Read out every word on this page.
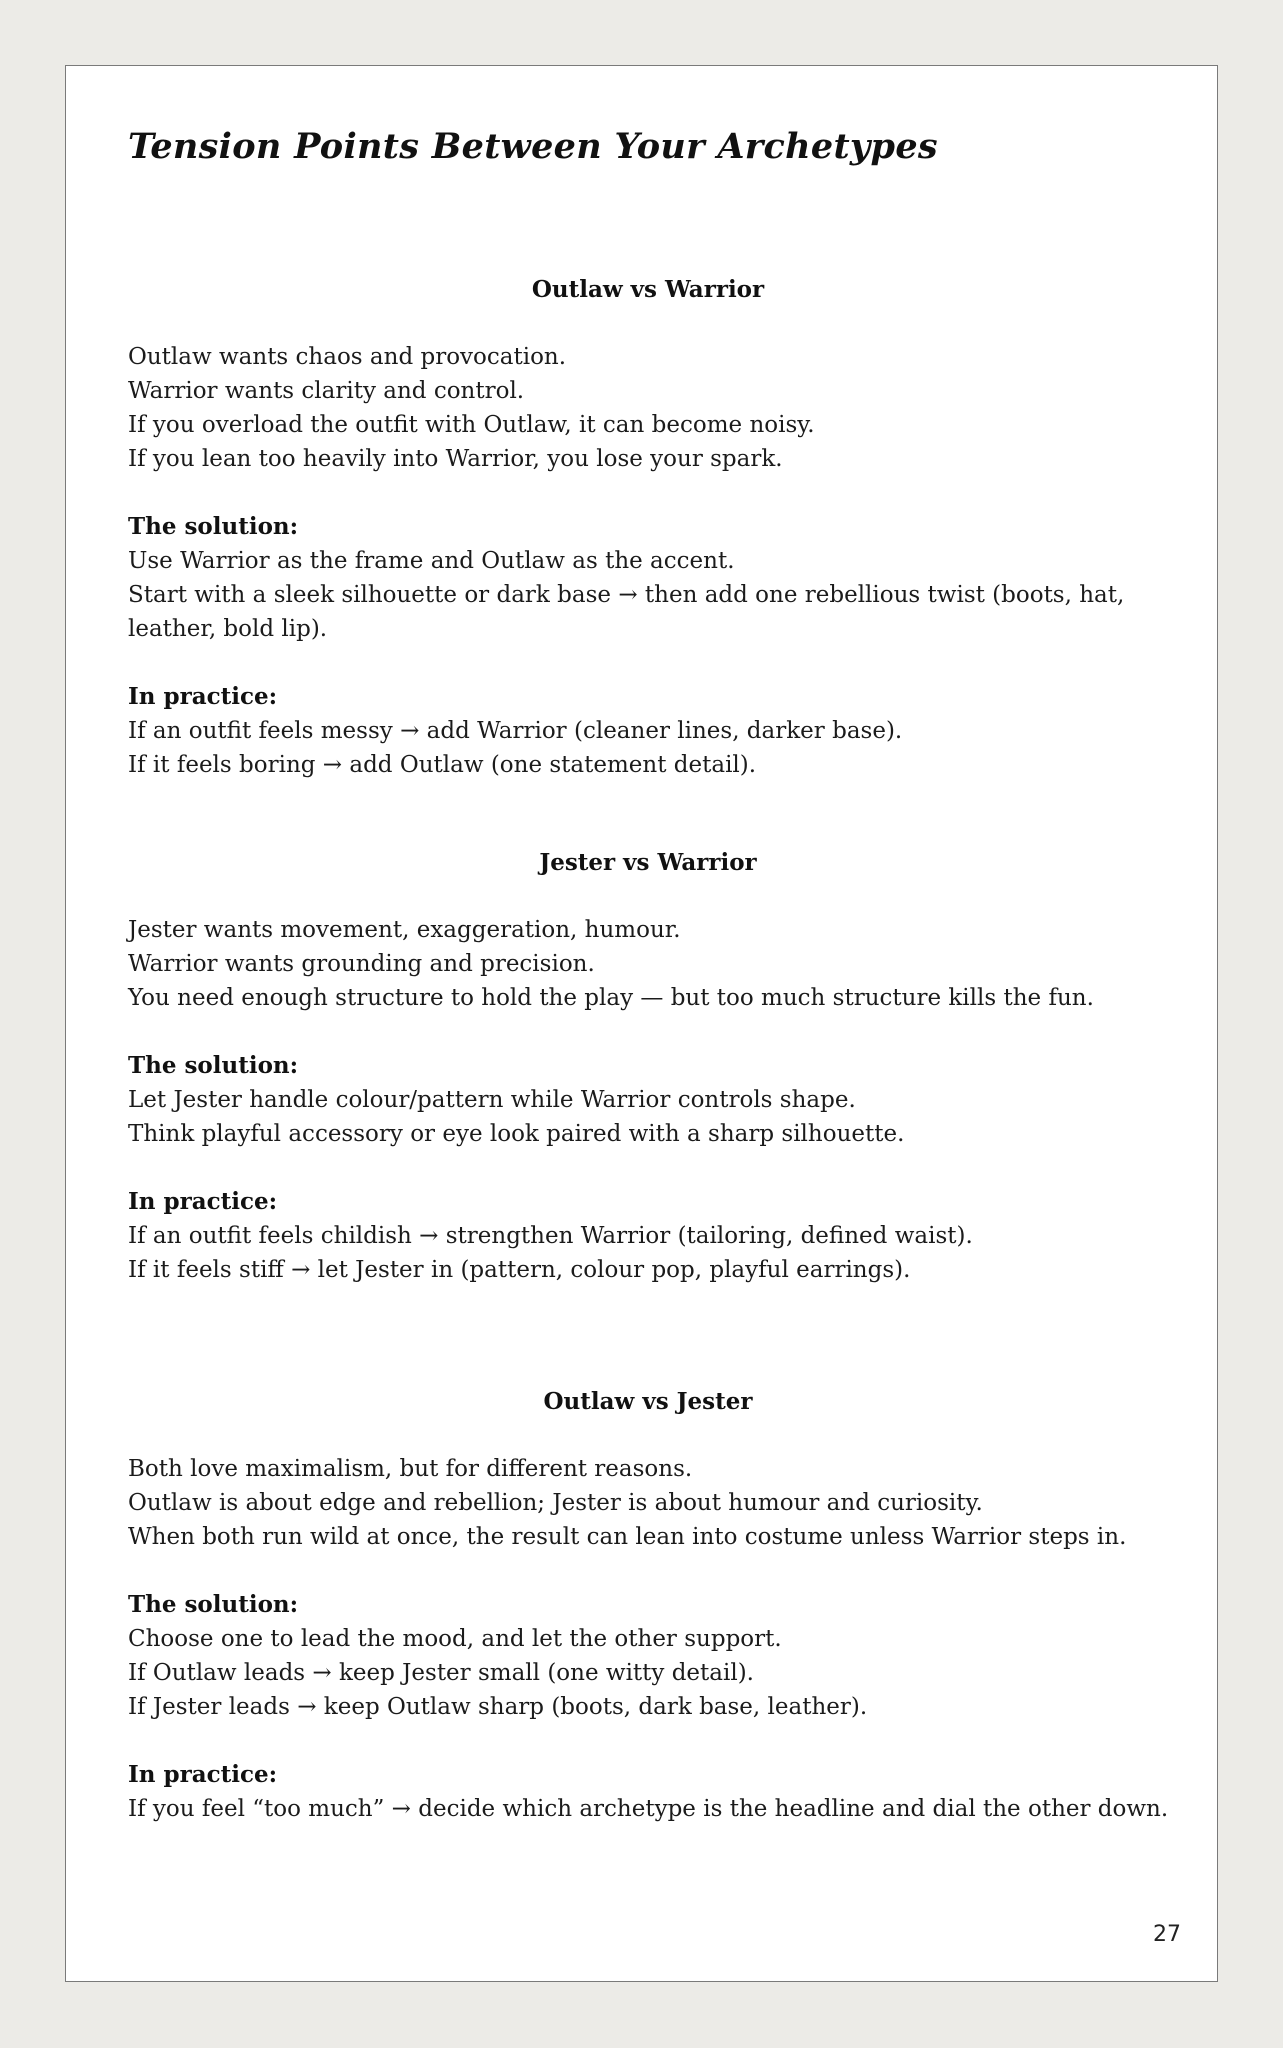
Tension Points Between Your Archetypes
Outlaw vs Warrior
Outlaw wants chaos and provocation.
Warrior wants clarity and control.
If you overload the outfit with Outlaw, it can become noisy.
If you lean too heavily into Warrior, you lose your spark.
The solution:
Use Warrior as the frame and Outlaw as the accent.
Start with a sleek silhouette or dark base → then add one rebellious twist (boots, hat, leather, bold lip).
In practice:
If an outfit feels messy → add Warrior (cleaner lines, darker base).
If it feels boring → add Outlaw (one statement detail).
Jester vs Warrior
Jester wants movement, exaggeration, humour.
Warrior wants grounding and precision.
You need enough structure to hold the play — but too much structure kills the fun.
The solution:
Let Jester handle colour/pattern while Warrior controls shape.
Think playful accessory or eye look paired with a sharp silhouette.
In practice:
If an outfit feels childish → strengthen Warrior (tailoring, defined waist).
If it feels stiff → let Jester in (pattern, colour pop, playful earrings).
Outlaw vs Jester
Both love maximalism, but for different reasons.
Outlaw is about edge and rebellion; Jester is about humour and curiosity.
When both run wild at once, the result can lean into costume unless Warrior steps in.
The solution:
Choose one to lead the mood, and let the other support.
If Outlaw leads → keep Jester small (one witty detail).
If Jester leads → keep Outlaw sharp (boots, dark base, leather).
In practice:
If you feel “too much” → decide which archetype is the headline and dial the other down.
27
